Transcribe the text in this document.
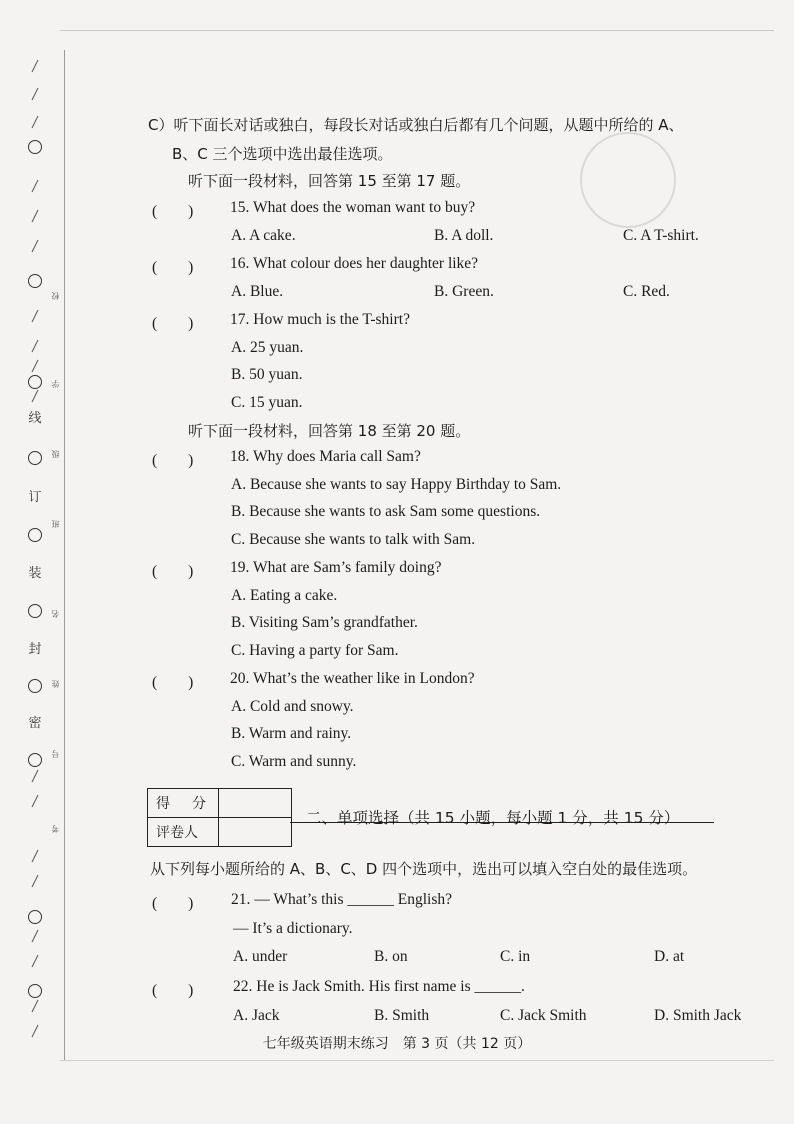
线
订
装
封
密
校
学
级
班
名
姓
号
考
C）听下面长对话或独白，每段长对话或独白后都有几个问题，从题中所给的 A、
B、C 三个选项中选出最佳选项。
听下面一段材料，回答第 15 至第 17 题。
(　　) 15. What does the woman want to buy?
A. A cake.	B. A doll.	C. A T-shirt.
(　　) 16. What colour does her daughter like?
A. Blue.	B. Green.	C. Red.
(　　) 17. How much is the T-shirt?
A. 25 yuan.
B. 50 yuan.
C. 15 yuan.
听下面一段材料，回答第 18 至第 20 题。
(　　) 18. Why does Maria call Sam?
A. Because she wants to say Happy Birthday to Sam.
B. Because she wants to ask Sam some questions.
C. Because she wants to talk with Sam.
(　　) 19. What are Sam’s family doing?
A. Eating a cake.
B. Visiting Sam’s grandfather.
C. Having a party for Sam.
(　　) 20. What’s the weather like in London?
A. Cold and snowy.
B. Warm and rainy.
C. Warm and sunny.
得　分	
评卷人	
二、单项选择（共 15 小题，每小题 1 分，共 15 分）
从下列每小题所给的 A、B、C、D 四个选项中，选出可以填入空白处的最佳选项。
(　　) 21. — What’s this ______ English?
— It’s a dictionary.
A. under	B. on	C. in	D. at
(　　)	22. He is Jack Smith. His first name is ______.
A. Jack	B. Smith	C. Jack Smith	D. Smith Jack
七年级英语期末练习　第 3 页（共 12 页）
